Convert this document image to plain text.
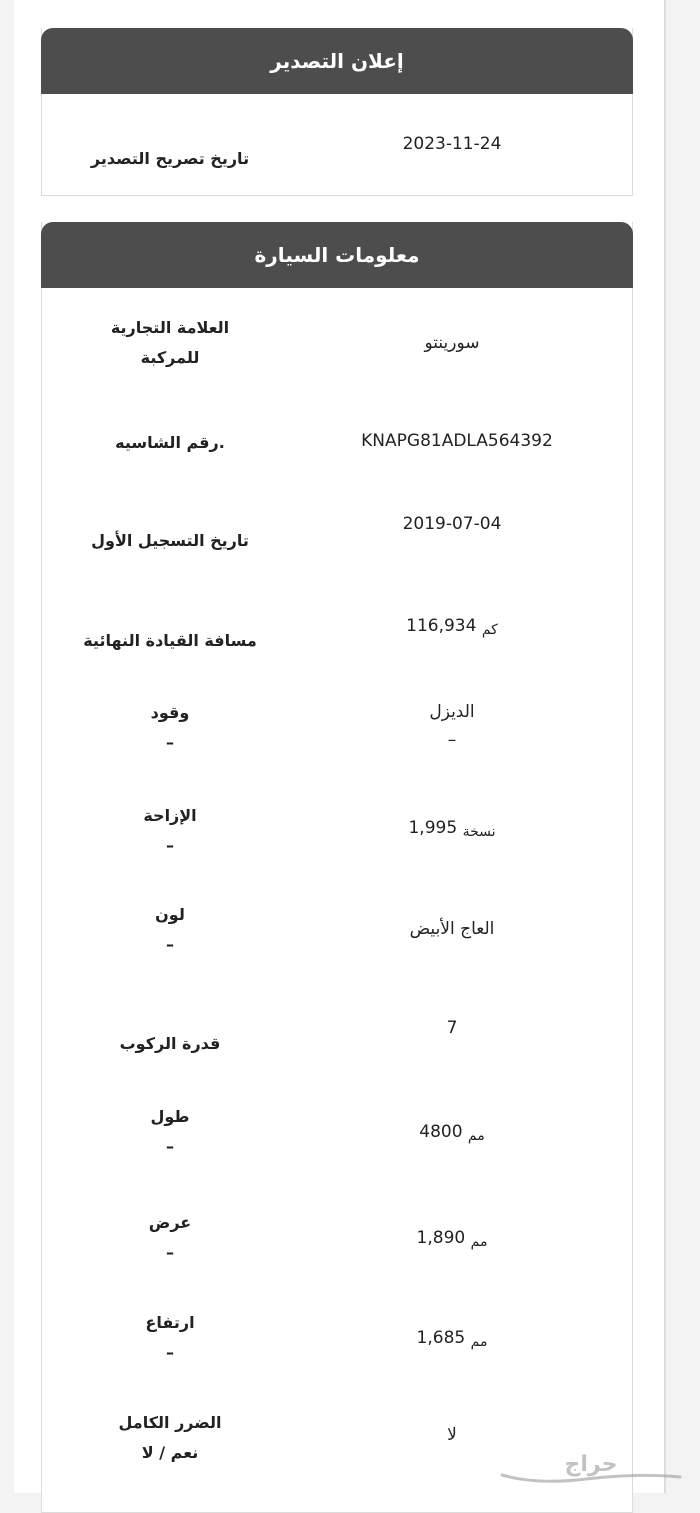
إعلان التصدير
تاريخ تصريح التصدير
2023-11-24
معلومات السيارة
العلامة التجارية
للمركبة
سورينتو
.رقم الشاسيه	KNAPG81ADLA564392
تاريخ التسجيل الأول
2019-07-04
مسافة القيادة النهائية
كم 116,934
وقود
–
الديزل
–
الإزاحة
–
نسخة 1,995
لون
–
العاج الأبيض
قدرة الركوب
7
طول
–
مم 4800
عرض
–
مم 1,890
ارتفاع
–
مم 1,685
الضرر الكامل
نعم / لا
لا
حراج
